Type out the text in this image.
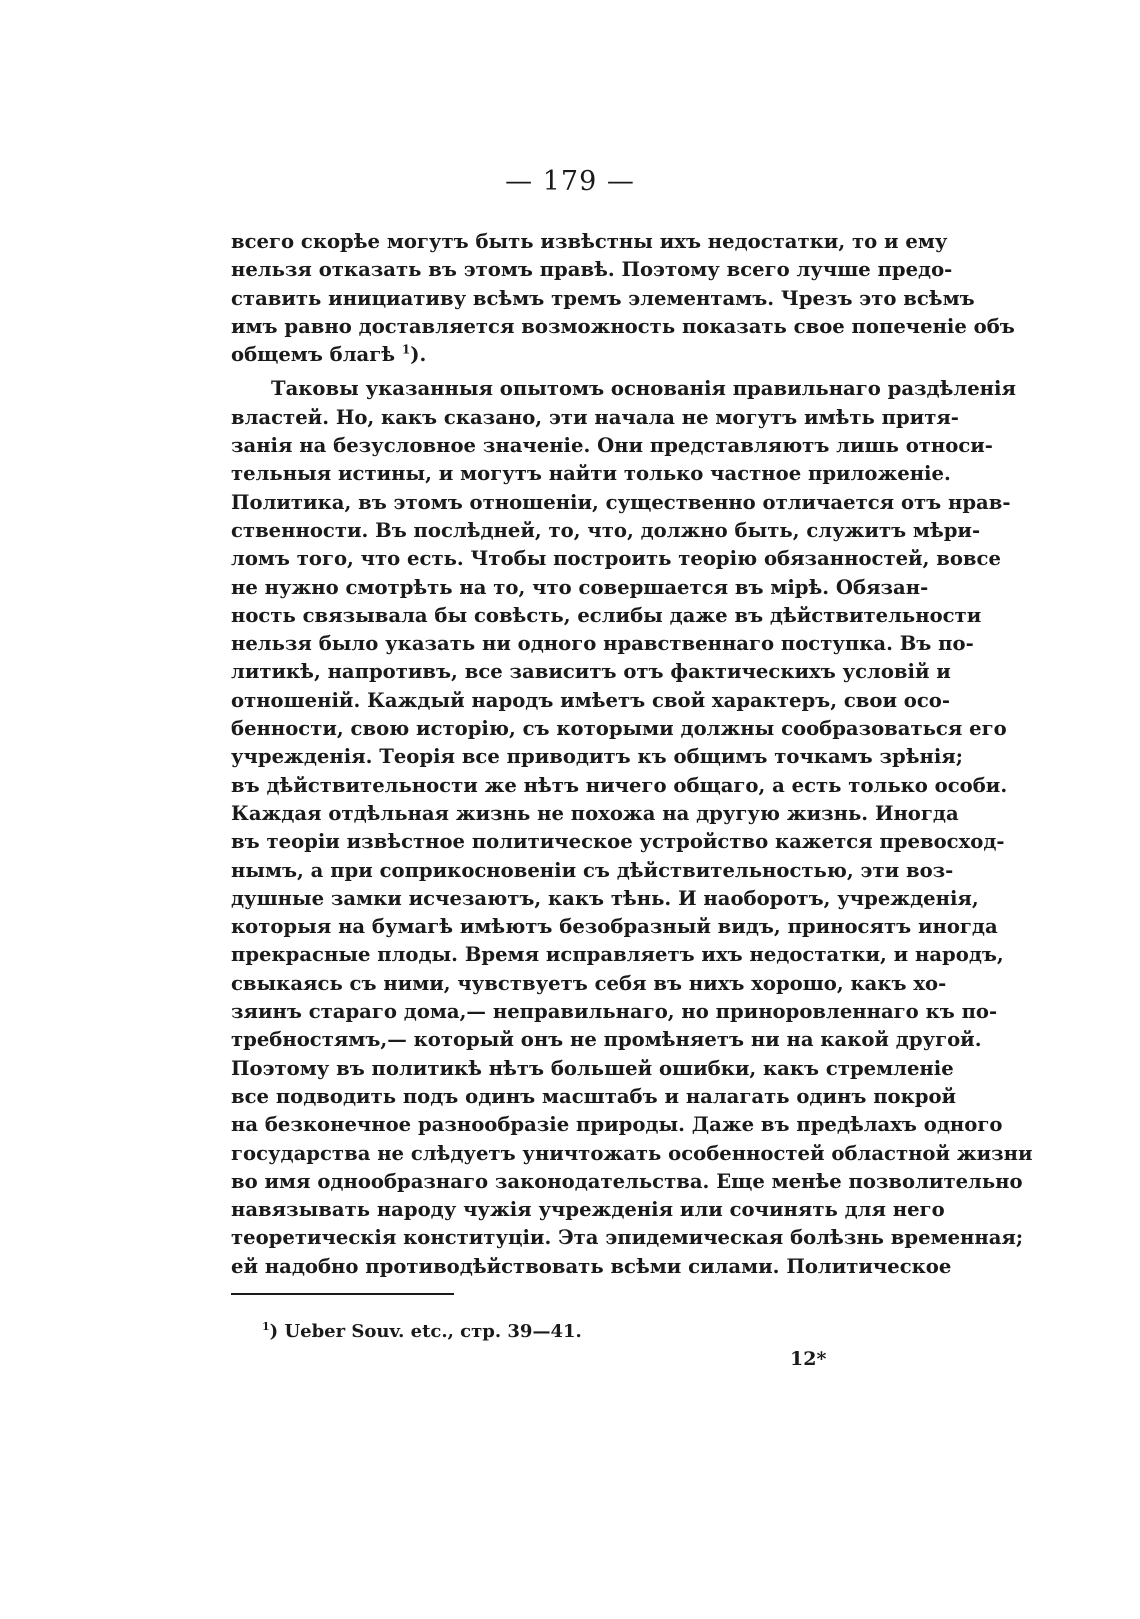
— 179 —
всего скорѣе могутъ быть извѣстны ихъ недостатки, то и ему
нельзя отказать въ этомъ правѣ. Поэтому всего лучше предо-
ставить инициативу всѣмъ тремъ элементамъ. Чрезъ это всѣмъ
имъ равно доставляется возможность показать свое попеченіе объ
общемъ благѣ $^1$).
Таковы указанныя опытомъ основанія правильнаго раздѣленія
властей. Но, какъ сказано, эти начала не могутъ имѣть притя-
занія на безусловное значеніе. Они представляютъ лишь относи-
тельныя истины, и могутъ найти только частное приложеніе.
Политика, въ этомъ отношеніи, существенно отличается отъ нрав-
ственности. Въ послѣдней, то, что, должно быть, служитъ мѣри-
ломъ того, что есть. Чтобы построить теорію обязанностей, вовсе
не нужно смотрѣть на то, что совершается въ мірѣ. Обязан-
ность связывала бы совѣсть, еслибы даже въ дѣйствительности
нельзя было указать ни одного нравственнаго поступка. Въ по-
литикѣ, напротивъ, все зависитъ отъ фактическихъ условій и
отношеній. Каждый народъ имѣетъ свой характеръ, свои осо-
бенности, свою исторію, съ которыми должны сообразоваться его
учрежденія. Теорія все приводитъ къ общимъ точкамъ зрѣнія;
въ дѣйствительности же нѣтъ ничего общаго, а есть только особи.
Каждая отдѣльная жизнь не похожа на другую жизнь. Иногда
въ теоріи извѣстное политическое устройство кажется превосход-
нымъ, а при соприкосновеніи съ дѣйствительностью, эти воз-
душные замки исчезаютъ, какъ тѣнь. И наоборотъ, учрежденія,
которыя на бумагѣ имѣютъ безобразный видъ, приносятъ иногда
прекрасные плоды. Время исправляетъ ихъ недостатки, и народъ,
свыкаясь съ ними, чувствуетъ себя въ нихъ хорошо, какъ хо-
зяинъ стараго дома,— неправильнаго, но приноровленнаго къ по-
требностямъ,— который онъ не промѣняетъ ни на какой другой.
Поэтому въ политикѣ нѣтъ большей ошибки, какъ стремленіе
все подводить подъ одинъ масштабъ и налагать одинъ покрой
на безконечное разнообразіе природы. Даже въ предѣлахъ одного
государства не слѣдуетъ уничтожать особенностей областной жизни
во имя однообразнаго законодательства. Еще менѣе позволительно
навязывать народу чужія учрежденія или сочинять для него
теоретическія конституціи. Эта эпидемическая болѣзнь временная;
ей надобно противодѣйствовать всѣми силами. Политическое
$^1$) Ueber Souv. etc., стр. 39—41.
12*
